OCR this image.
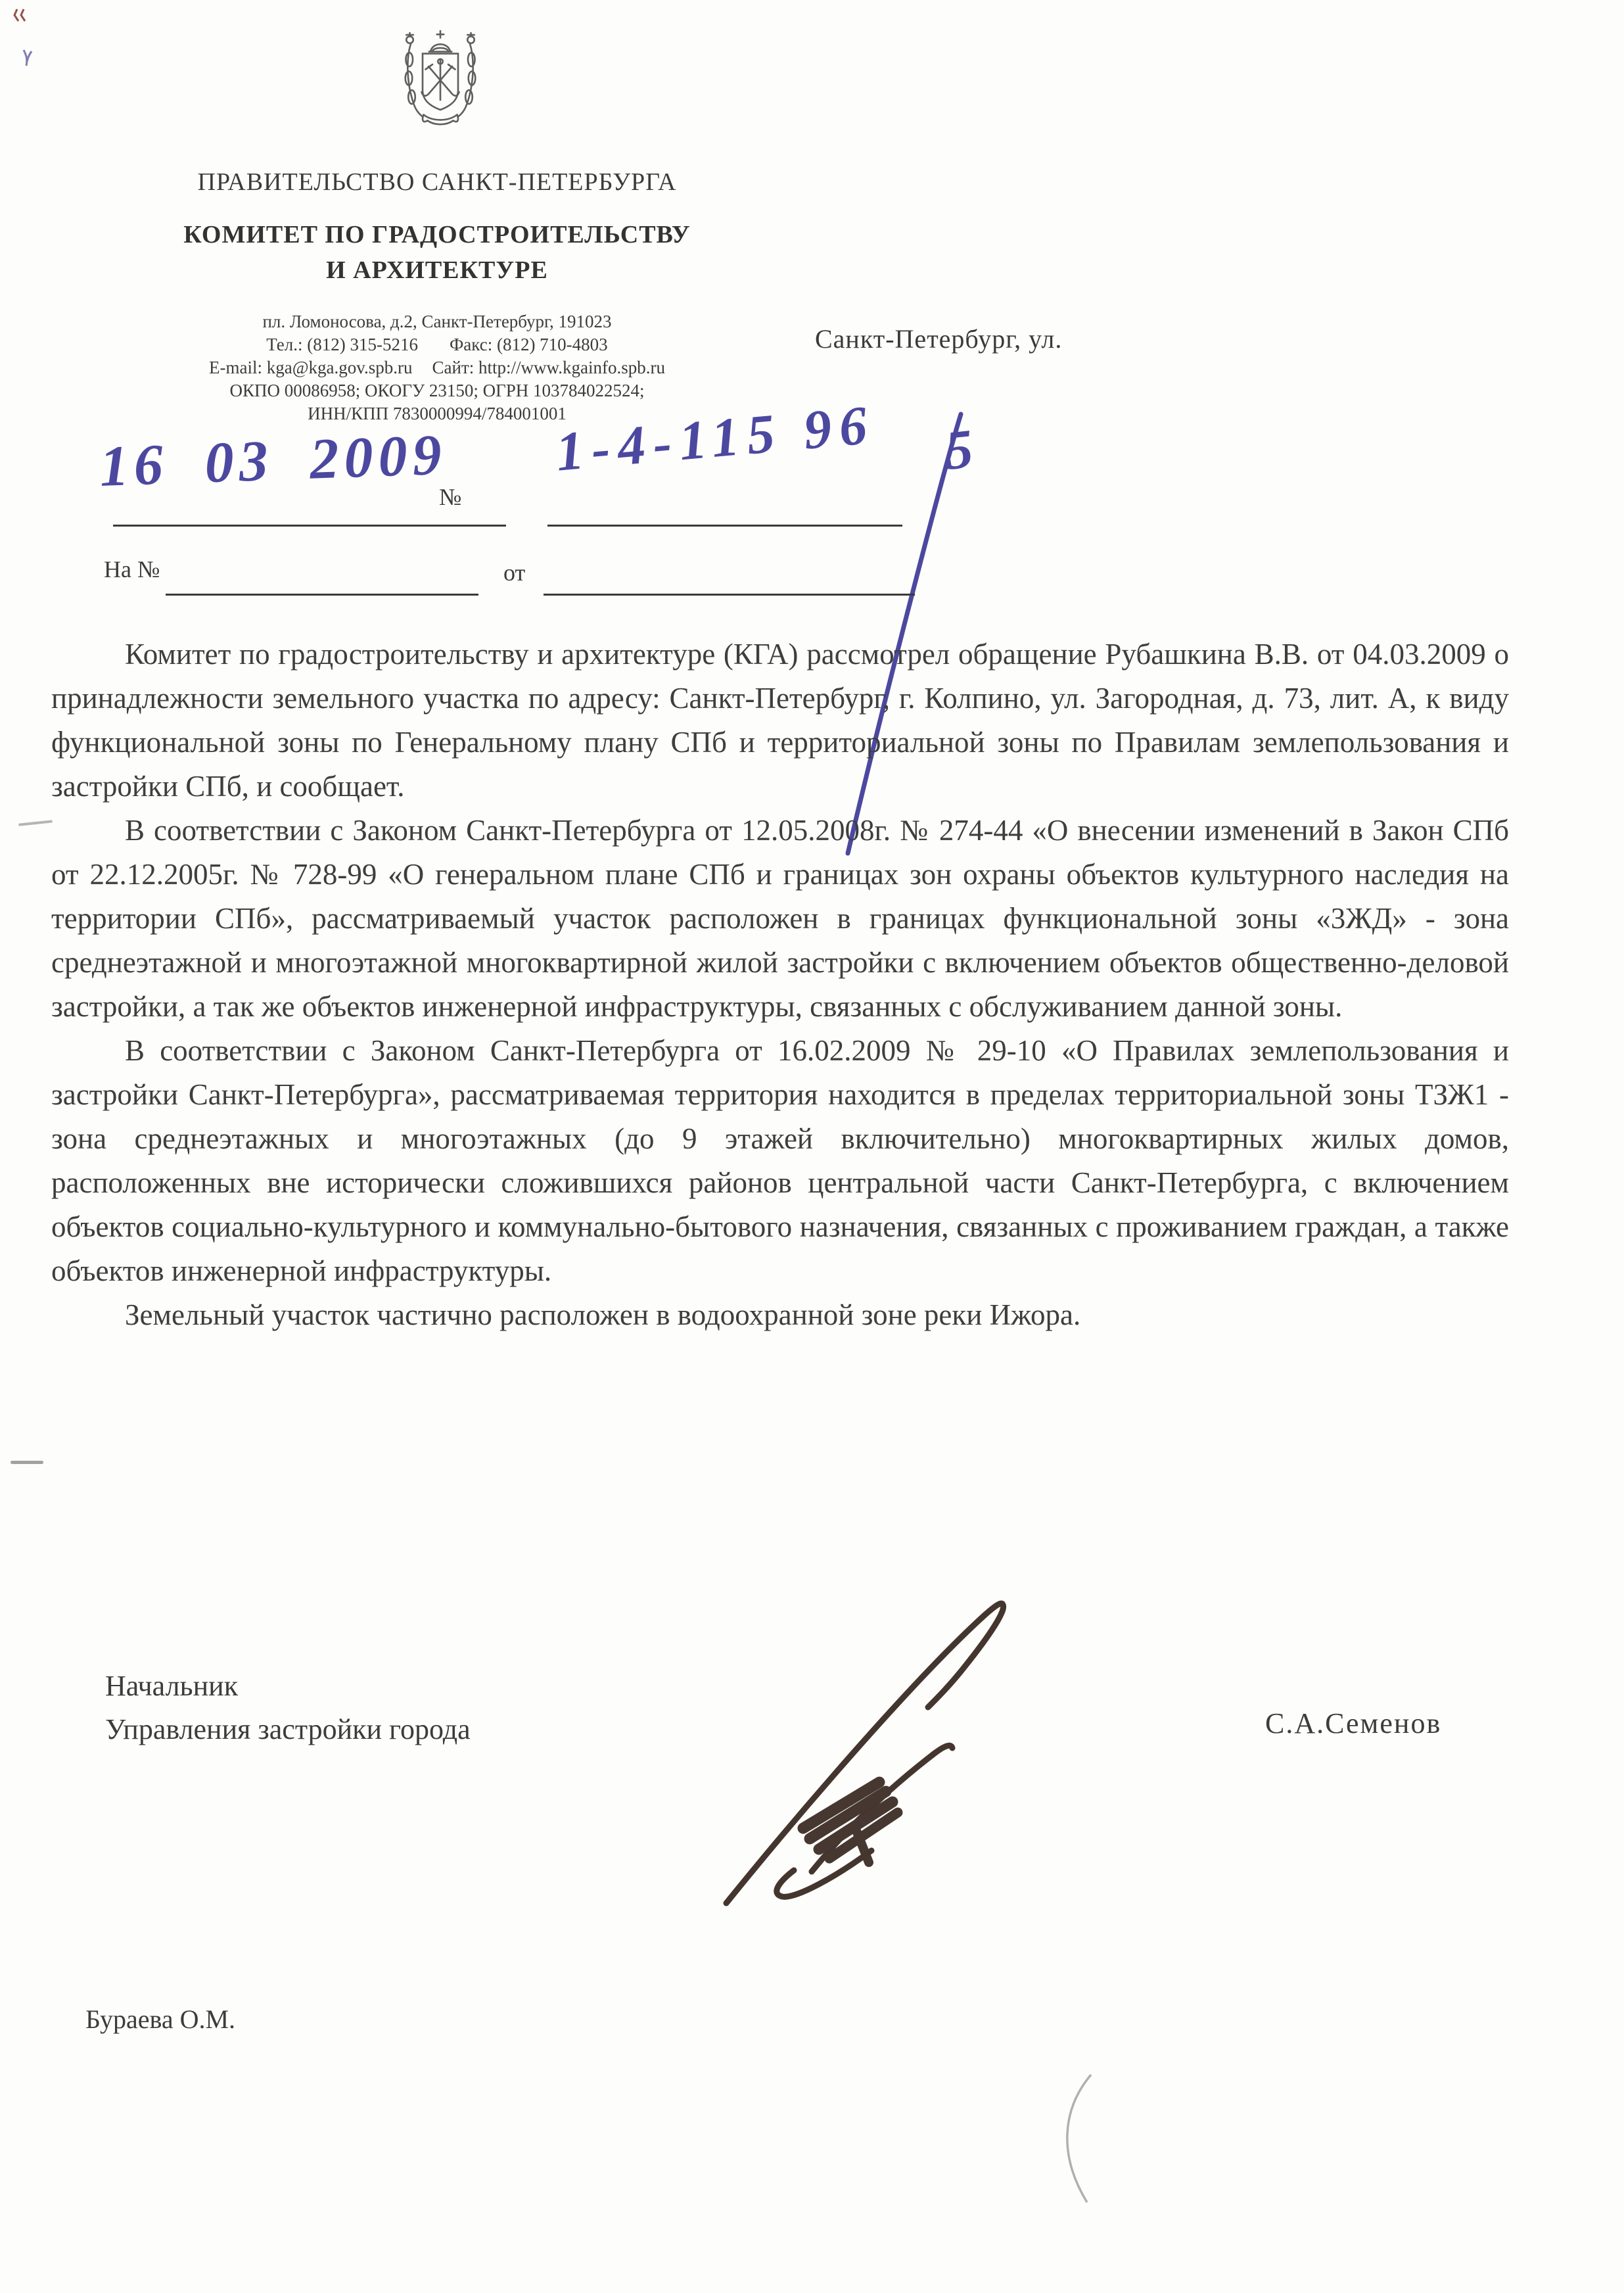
ПРАВИТЕЛЬСТВО САНКТ-ПЕТЕРБУРГА
КОМИТЕТ ПО ГРАДОСТРОИТЕЛЬСТВУ
И АРХИТЕКТУРЕ
пл. Ломоносова, д.2, Санкт-Петербург, 191023
Тел.: (812) 315-5216 Факс: (812) 710-4803
E-mail: kga@kga.gov.spb.ru Сайт: http://www.kgainfo.spb.ru
ОКПО 00086958; ОКОГУ 23150; ОГРН 103784022524;
ИНН/КПП 7830000994/784001001
Санкт-Петербург, ул.
16 03 2009
№
1-4-115 96 5
На №	от

Комитет по градостроительству и архитектуре (КГА) рассмотрел обращение Рубашкина В.В. от 04.03.2009 о принадлежности земельного участка по адресу: Санкт-Петербург, г. Колпино, ул. Загородная, д. 73, лит. А, к виду функциональной зоны по Генеральному плану СПб и территориальной зоны по Правилам землепользования и застройки СПб, и сообщает.

В соответствии с Законом Санкт-Петербурга от 12.05.2008г. № 274-44 «О внесении изменений в Закон СПб от 22.12.2005г. № 728-99 «О генеральном плане СПб и границах зон охраны объектов культурного наследия на территории СПб», рассматриваемый участок расположен в границах функциональной зоны «3ЖД» - зона среднеэтажной и многоэтажной многоквартирной жилой застройки с включением объектов общественно-деловой застройки, а так же объектов инженерной инфраструктуры, связанных с обслуживанием данной зоны.

В соответствии с Законом Санкт-Петербурга от 16.02.2009 № 29-10 «О Правилах землепользования и застройки Санкт-Петербурга», рассматриваемая территория находится в пределах территориальной зоны ТЗЖ1 - зона среднеэтажных и многоэтажных (до 9 этажей включительно) многоквартирных жилых домов, расположенных вне исторически сложившихся районов центральной части Санкт-Петербурга, с включением объектов социально-культурного и коммунально-бытового назначения, связанных с проживанием граждан, а также объектов инженерной инфраструктуры.

Земельный участок частично расположен в водоохранной зоне реки Ижора.

Начальник
Управления застройки города	С.А.Семенов
Бураева О.М.
